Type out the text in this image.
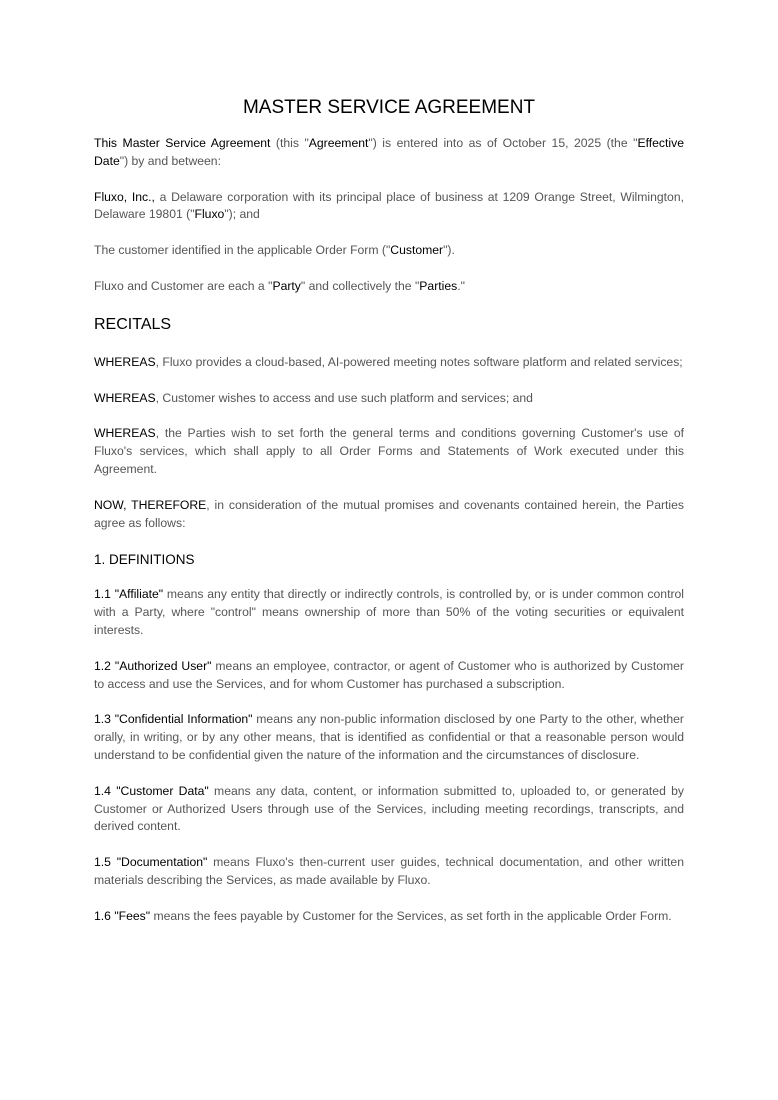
MASTER SERVICE AGREEMENT

This Master Service Agreement (this "Agreement") is entered into as of October 15, 2025 (the "Effective Date") by and between:

Fluxo, Inc., a Delaware corporation with its principal place of business at 1209 Orange Street, Wilmington, Delaware 19801 ("Fluxo"); and

The customer identified in the applicable Order Form ("Customer").

Fluxo and Customer are each a "Party" and collectively the "Parties."

RECITALS

WHEREAS, Fluxo provides a cloud-based, AI-powered meeting notes software platform and related services;

WHEREAS, Customer wishes to access and use such platform and services; and

WHEREAS, the Parties wish to set forth the general terms and conditions governing Customer's use of Fluxo's services, which shall apply to all Order Forms and Statements of Work executed under this Agreement.

NOW, THEREFORE, in consideration of the mutual promises and covenants contained herein, the Parties agree as follows:

1. DEFINITIONS

1.1 "Affiliate" means any entity that directly or indirectly controls, is controlled by, or is under common control with a Party, where "control" means ownership of more than 50% of the voting securities or equivalent interests.

1.2 "Authorized User" means an employee, contractor, or agent of Customer who is authorized by Customer to access and use the Services, and for whom Customer has purchased a subscription.

1.3 "Confidential Information" means any non-public information disclosed by one Party to the other, whether orally, in writing, or by any other means, that is identified as confidential or that a reasonable person would understand to be confidential given the nature of the information and the circumstances of disclosure.

1.4 "Customer Data" means any data, content, or information submitted to, uploaded to, or generated by Customer or Authorized Users through use of the Services, including meeting recordings, transcripts, and derived content.

1.5 "Documentation" means Fluxo's then-current user guides, technical documentation, and other written materials describing the Services, as made available by Fluxo.

1.6 "Fees" means the fees payable by Customer for the Services, as set forth in the applicable Order Form.
